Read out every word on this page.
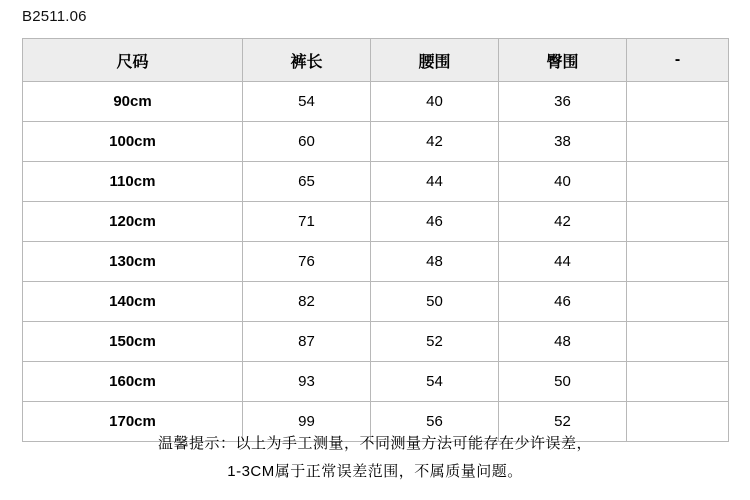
B2511.06
尺码	裤长	腰围	臀围	-
90cm	54	40	36	
100cm	60	42	38	
110cm	65	44	40	
120cm	71	46	42	
130cm	76	48	44	
140cm	82	50	46	
150cm	87	52	48	
160cm	93	54	50	
170cm	99	56	52	
温馨提示：以上为手工测量，不同测量方法可能存在少许误差，
1-3CM属于正常误差范围，不属质量问题。
